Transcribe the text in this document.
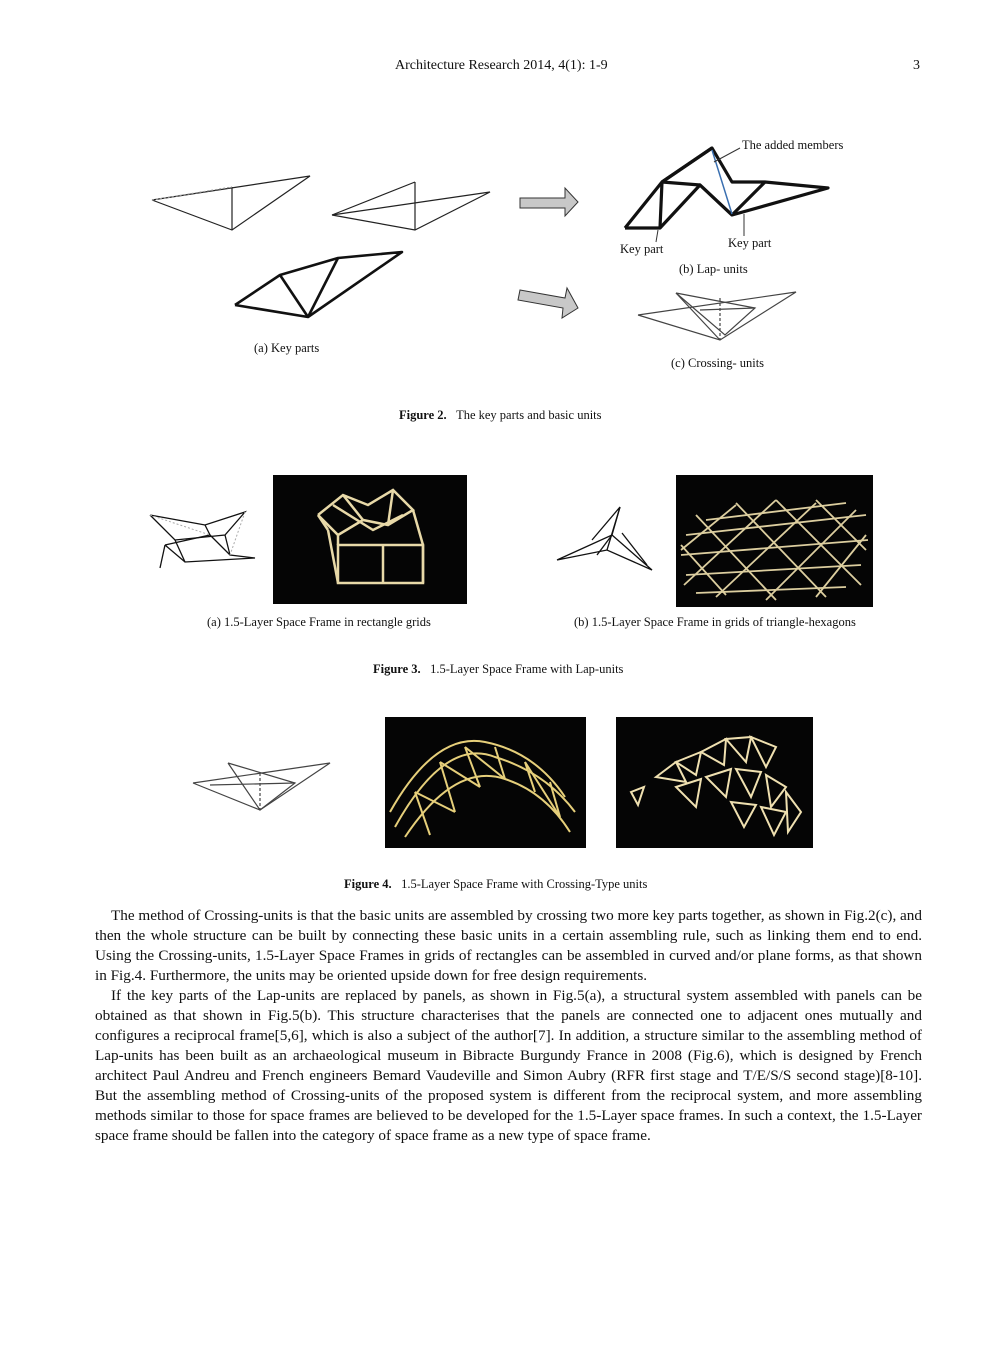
Architecture Research 2014, 4(1): 1-9	3
The added members
Key part	Key part
(b) Lap- units
(a) Key parts
(c) Crossing- units
Figure 2. The key parts and basic units
(a) 1.5-Layer Space Frame in rectangle grids	(b) 1.5-Layer Space Frame in grids of triangle-hexagons
Figure 3. 1.5-Layer Space Frame with Lap-units
Figure 4. 1.5-Layer Space Frame with Crossing-Type units

The method of Crossing-units is that the basic units are assembled by crossing two more key parts together, as shown in Fig.2(c), and then the whole structure can be built by connecting these basic units in a certain assembling rule, such as linking them end to end. Using the Crossing-units, 1.5-Layer Space Frames in grids of rectangles can be assembled in curved and/or plane forms, as that shown in Fig.4. Furthermore, the units may be oriented upside down for free design requirements.

If the key parts of the Lap-units are replaced by panels, as shown in Fig.5(a), a structural system assembled with panels can be obtained as that shown in Fig.5(b). This structure characterises that the panels are connected one to adjacent ones mutually and configures a reciprocal frame[5,6], which is also a subject of the author[7]. In addition, a structure similar to the assembling method of Lap-units has been built as an archaeological museum in Bibracte Burgundy France in 2008 (Fig.6), which is designed by French architect Paul Andreu and French engineers Bemard Vaudeville and Simon Aubry (RFR first stage and T/E/S/S second stage)[8-10]. But the assembling method of Crossing-units of the proposed system is different from the reciprocal system, and more assembling methods similar to those for space frames are believed to be developed for the 1.5-Layer space frames. In such a context, the 1.5-Layer space frame should be fallen into the category of space frame as a new type of space frame.
